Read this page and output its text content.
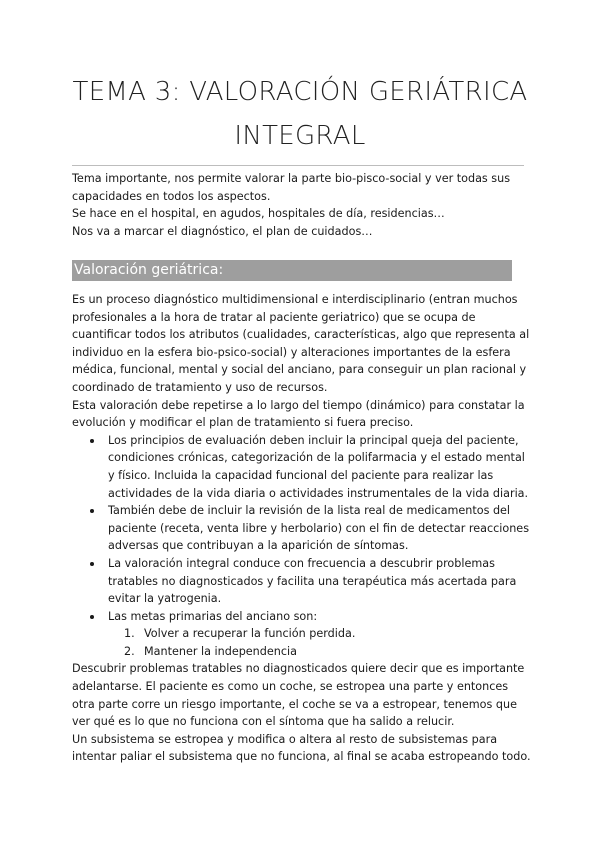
TEMA 3: VALORACIÓN GERIÁTRICA INTEGRAL

Tema importante, nos permite valorar la parte bio-pisco-social y ver todas sus capacidades en todos los aspectos.

Se hace en el hospital, en agudos, hospitales de día, residencias…

Nos va a marcar el diagnóstico, el plan de cuidados…

Valoración geriátrica:

Es un proceso diagnóstico multidimensional e interdisciplinario (entran muchos profesionales a la hora de tratar al paciente geriatrico) que se ocupa de cuantificar todos los atributos (cualidades, características, algo que representa al individuo en la esfera bio-psico-social) y alteraciones importantes de la esfera médica, funcional, mental y social del anciano, para conseguir un plan racional y coordinado de tratamiento y uso de recursos.

Esta valoración debe repetirse a lo largo del tiempo (dinámico) para constatar la evolución y modificar el plan de tratamiento si fuera preciso.

Los principios de evaluación deben incluir la principal queja del paciente, condiciones crónicas, categorización de la polifarmacia y el estado mental y físico. Incluida la capacidad funcional del paciente para realizar las actividades de la vida diaria o actividades instrumentales de la vida diaria.
También debe de incluir la revisión de la lista real de medicamentos del paciente (receta, venta libre y herbolario) con el fin de detectar reacciones adversas que contribuyan a la aparición de síntomas.
La valoración integral conduce con frecuencia a descubrir problemas tratables no diagnosticados y facilita una terapéutica más acertada para evitar la yatrogenia.
Las metas primarias del anciano son:
1. Volver a recuperar la función perdida.
2. Mantener la independencia

Descubrir problemas tratables no diagnosticados quiere decir que es importante adelantarse. El paciente es como un coche, se estropea una parte y entonces otra parte corre un riesgo importante, el coche se va a estropear, tenemos que ver qué es lo que no funciona con el síntoma que ha salido a relucir.

Un subsistema se estropea y modifica o altera al resto de subsistemas para intentar paliar el subsistema que no funciona, al final se acaba estropeando todo.
